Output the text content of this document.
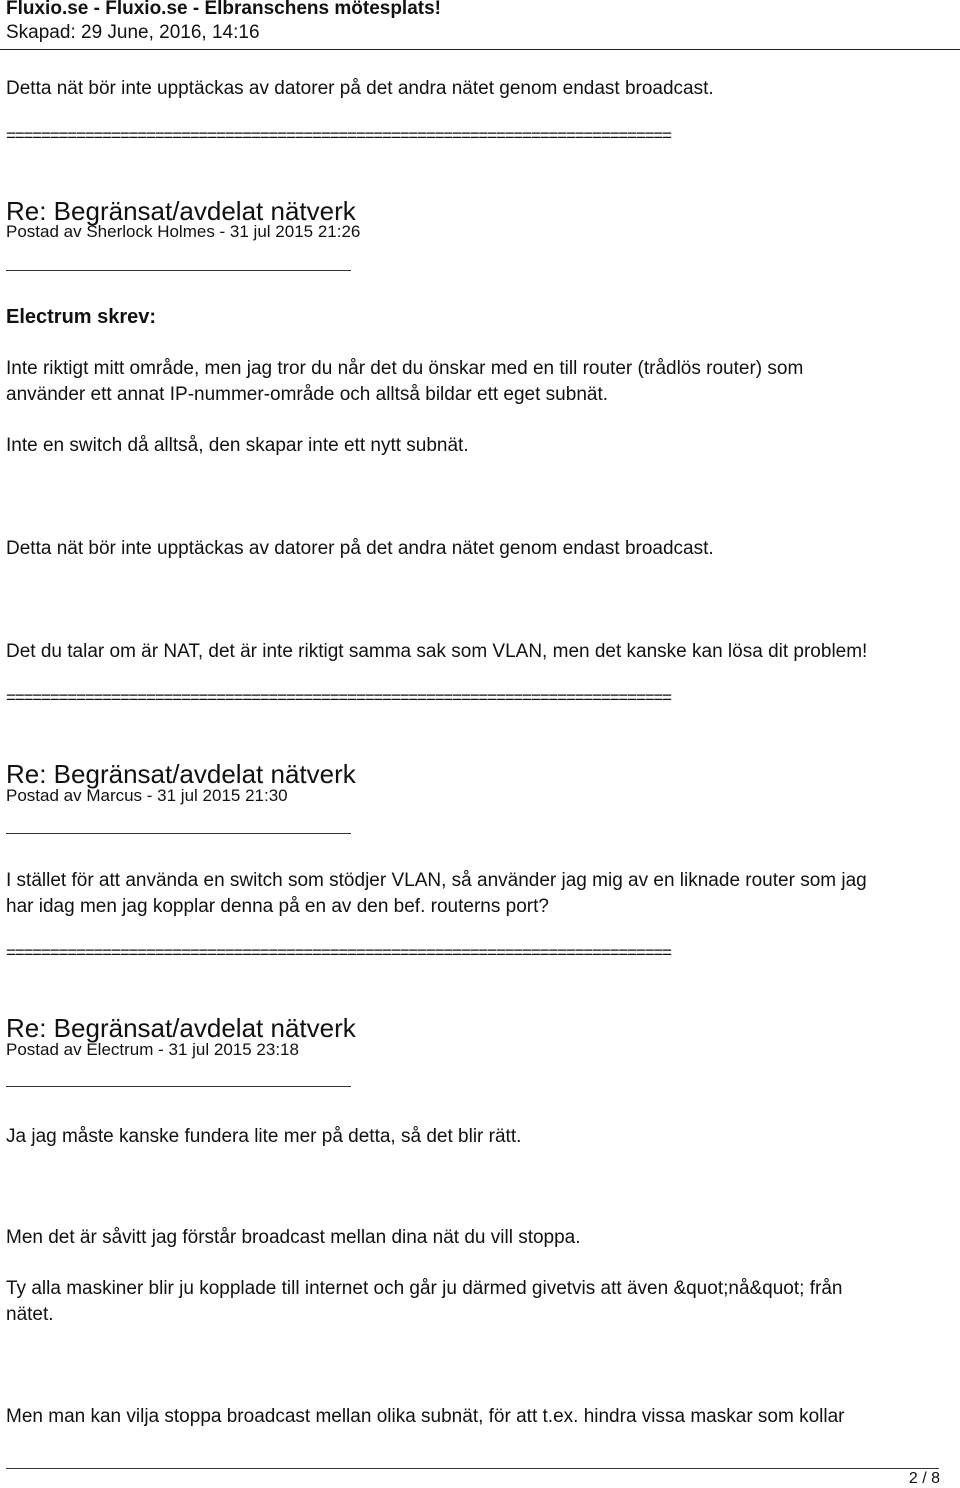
Fluxio.se - Fluxio.se - Elbranschens mötesplats!
Skapad: 29 June, 2016, 14:16
Detta nät bör inte upptäckas av datorer på det andra nätet genom endast broadcast.
============================================================================
Re: Begränsat/avdelat nätverk
Postad av Sherlock Holmes - 31 jul 2015 21:26
Electrum skrev:
Inte riktigt mitt område, men jag tror du når det du önskar med en till router (trådlös router) som
använder ett annat IP-nummer-område och alltså bildar ett eget subnät.
Inte en switch då alltså, den skapar inte ett nytt subnät.
Detta nät bör inte upptäckas av datorer på det andra nätet genom endast broadcast.
Det du talar om är NAT, det är inte riktigt samma sak som VLAN, men det kanske kan lösa dit problem!
============================================================================
Re: Begränsat/avdelat nätverk
Postad av Marcus - 31 jul 2015 21:30
I stället för att använda en switch som stödjer VLAN, så använder jag mig av en liknade router som jag
har idag men jag kopplar denna på en av den bef. routerns port?
============================================================================
Re: Begränsat/avdelat nätverk
Postad av Electrum - 31 jul 2015 23:18
Ja jag måste kanske fundera lite mer på detta, så det blir rätt.
Men det är såvitt jag förstår broadcast mellan dina nät du vill stoppa.
Ty alla maskiner blir ju kopplade till internet och går ju därmed givetvis att även &quot;nå&quot; från
nätet.
Men man kan vilja stoppa broadcast mellan olika subnät, för att t.ex. hindra vissa maskar som kollar
2 / 8
